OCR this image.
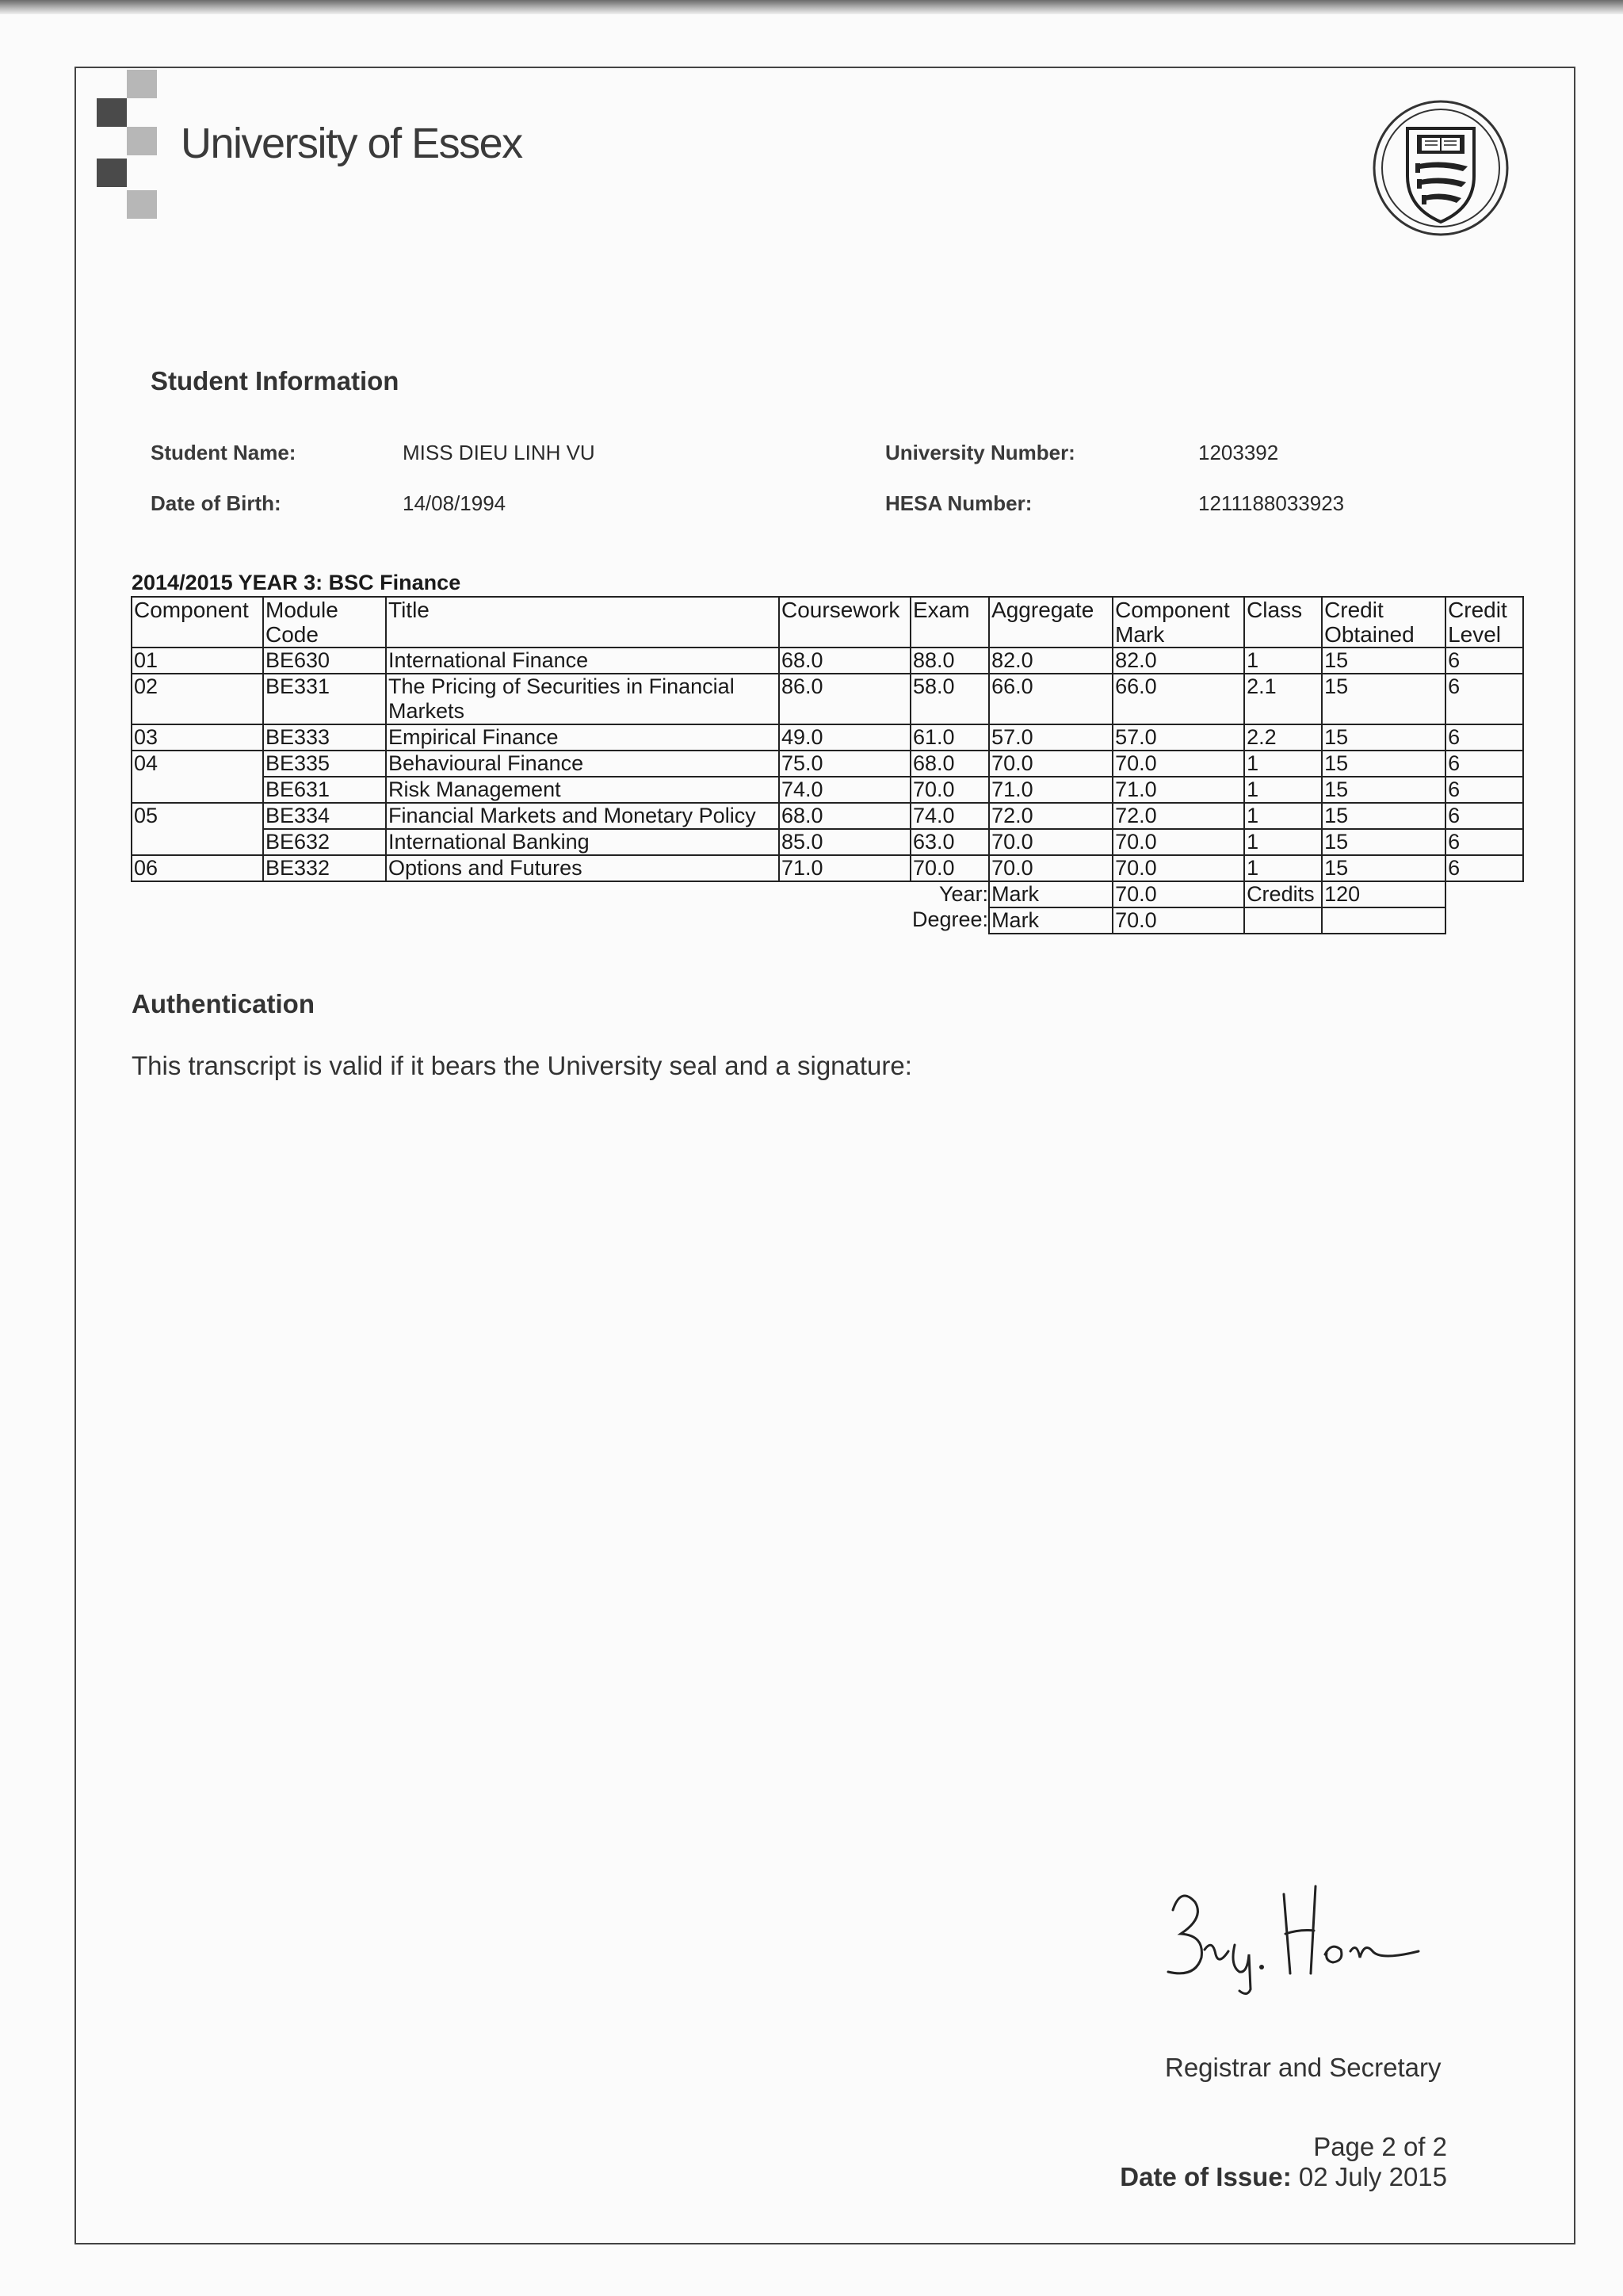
University of Essex
Student Information
Student Name:	MISS DIEU LINH VU
Date of Birth:	14/08/1994
University Number:	1203392
HESA Number:	1211188033923
2014/2015 YEAR 3: BSC Finance
Component	Module Code	Title	Coursework	Exam	Aggregate	Component Mark	Class	Credit Obtained	Credit Level
01	BE630	International Finance	68.0	88.0	82.0	82.0	1	15	6
02	BE331	The Pricing of Securities in Financial Markets	86.0	58.0	66.0	66.0	2.1	15	6
03	BE333	Empirical Finance	49.0	61.0	57.0	57.0	2.2	15	6
04	BE335	Behavioural Finance	75.0	68.0	70.0	70.0	1	15	6
	BE631	Risk Management	74.0	70.0	71.0	71.0	1	15	6
05	BE334	Financial Markets and Monetary Policy	68.0	74.0	72.0	72.0	1	15	6
	BE632	International Banking	85.0	63.0	70.0	70.0	1	15	6
06	BE332	Options and Futures	71.0	70.0	70.0	70.0	1	15	6
				Year:	Mark	70.0	Credits	120	
				Degree:	Mark	70.0			
Authentication
This transcript is valid if it bears the University seal and a signature:
Registrar and Secretary
Page 2 of 2
Date of Issue: 02 July 2015
